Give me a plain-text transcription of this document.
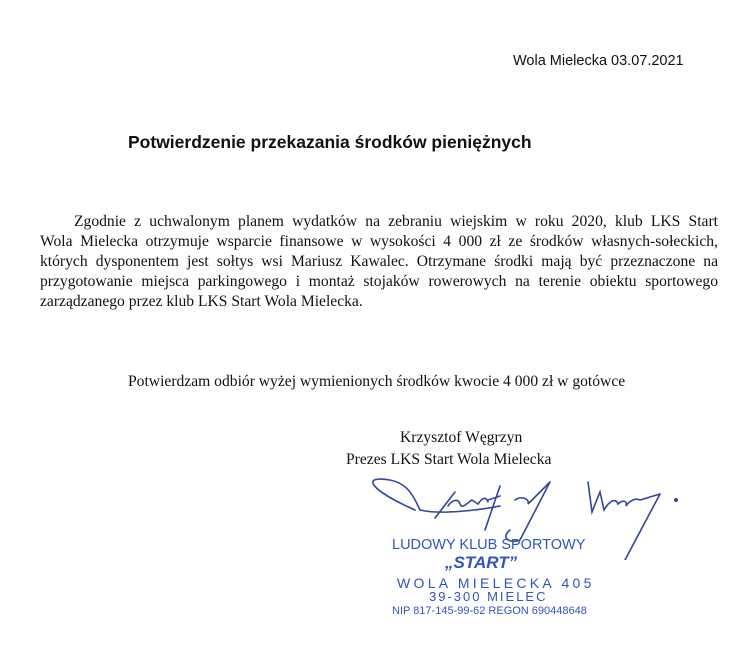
Wola Mielecka 03.07.2021
Potwierdzenie przekazania środków pieniężnych
Zgodnie z uchwalonym planem wydatków na zebraniu wiejskim w roku 2020, klub LKS Start
Wola Mielecka otrzymuje wsparcie finansowe w wysokości 4 000 zł ze środków własnych-sołeckich,
których dysponentem jest sołtys wsi Mariusz Kawalec. Otrzymane środki mają być przeznaczone na
przygotowanie miejsca parkingowego i montaż stojaków rowerowych na terenie obiektu sportowego
zarządzanego przez klub LKS Start Wola Mielecka.
Potwierdzam odbiór wyżej wymienionych środków kwocie 4 000 zł w gotówce
Krzysztof Węgrzyn
Prezes LKS Start Wola Mielecka
LUDOWY KLUB SPORTOWY
„START”
WOLA MIELECKA 405
39-300 MIELEC
NIP 817-145-99-62 REGON 690448648
